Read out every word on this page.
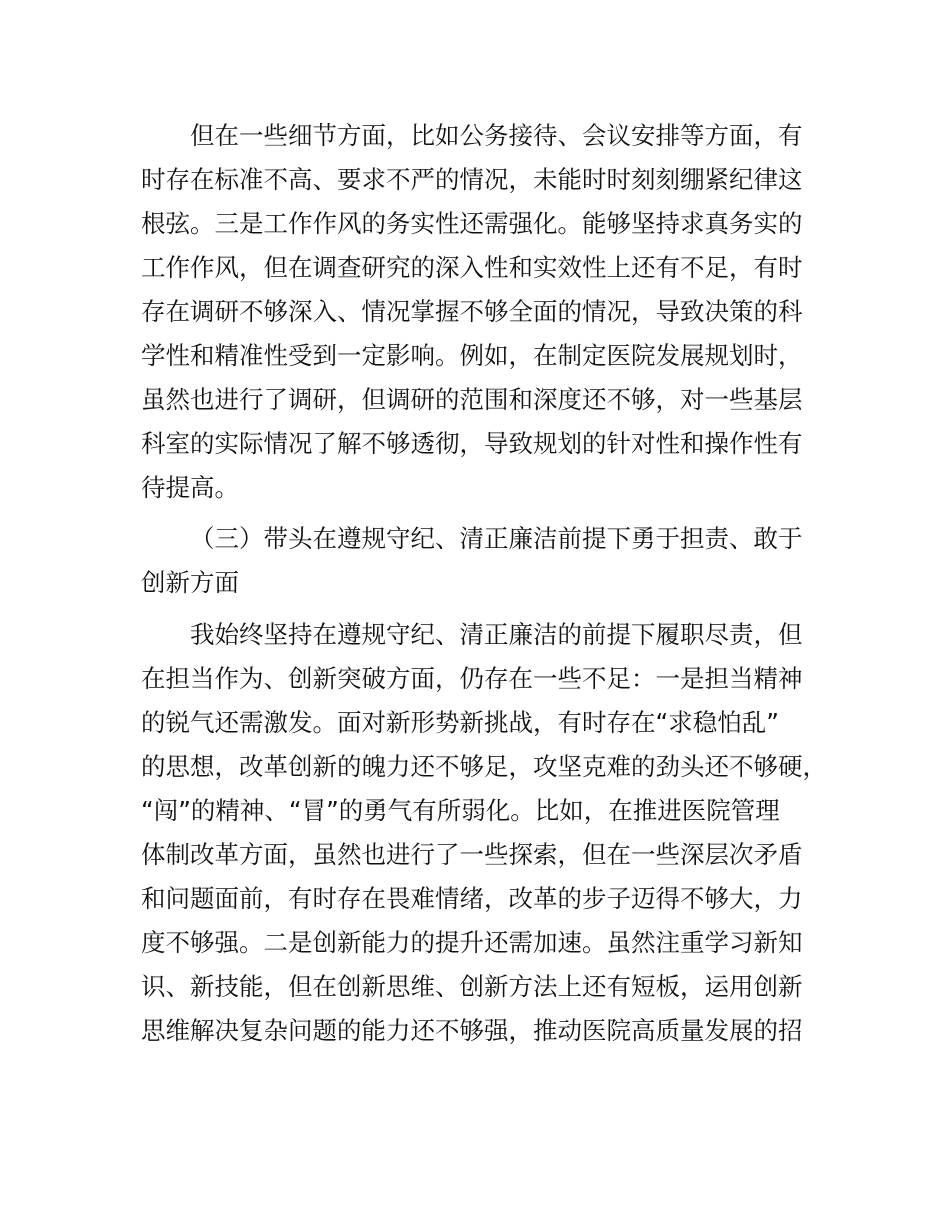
但在一些细节方面，比如公务接待、会议安排等方面，有

时存在标准不高、要求不严的情况，未能时时刻刻绷紧纪律这

根弦。三是工作作风的务实性还需强化。能够坚持求真务实的

工作作风，但在调查研究的深入性和实效性上还有不足，有时

存在调研不够深入、情况掌握不够全面的情况，导致决策的科

学性和精准性受到一定影响。例如，在制定医院发展规划时，

虽然也进行了调研，但调研的范围和深度还不够，对一些基层

科室的实际情况了解不够透彻，导致规划的针对性和操作性有

待提高。

（三）带头在遵规守纪、清正廉洁前提下勇于担责、敢于

创新方面

我始终坚持在遵规守纪、清正廉洁的前提下履职尽责，但

在担当作为、创新突破方面，仍存在一些不足：一是担当精神

的锐气还需激发。面对新形势新挑战，有时存在“求稳怕乱”

的思想，改革创新的魄力还不够足，攻坚克难的劲头还不够硬，

“闯”的精神、“冒”的勇气有所弱化。比如，在推进医院管理

体制改革方面，虽然也进行了一些探索，但在一些深层次矛盾

和问题面前，有时存在畏难情绪，改革的步子迈得不够大，力

度不够强。二是创新能力的提升还需加速。虽然注重学习新知

识、新技能，但在创新思维、创新方法上还有短板，运用创新

思维解决复杂问题的能力还不够强，推动医院高质量发展的招
